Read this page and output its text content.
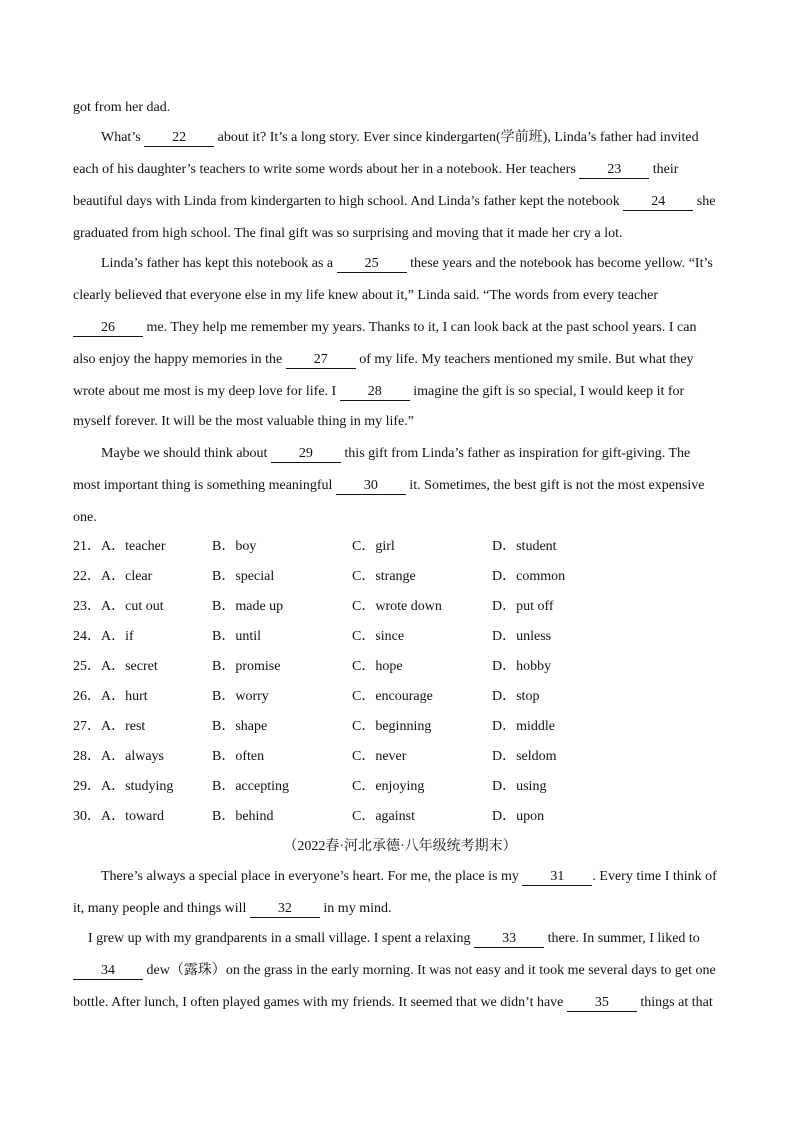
got from her dad.
What’s 22 about it? It’s a long story. Ever since kindergarten(学前班), Linda’s father had invited
each of his daughter’s teachers to write some words about her in a notebook. Her teachers 23 their
beautiful days with Linda from kindergarten to high school. And Linda’s father kept the notebook 24 she
graduated from high school. The final gift was so surprising and moving that it made her cry a lot.
Linda’s father has kept this notebook as a 25 these years and the notebook has become yellow. “It’s
clearly believed that everyone else in my life knew about it,” Linda said. “The words from every teacher
26 me. They help me remember my years. Thanks to it, I can look back at the past school years. I can
also enjoy the happy memories in the 27 of my life. My teachers mentioned my smile. But what they
wrote about me most is my deep love for life. I 28 imagine the gift is so special, I would keep it for
myself forever. It will be the most valuable thing in my life.”
Maybe we should think about 29 this gift from Linda’s father as inspiration for gift-giving. The
most important thing is something meaningful 30 it. Sometimes, the best gift is not the most expensive
one.
21． A．teacher	B．boy	C．girl	D．student
22． A．clear	B．special	C．strange	D．common
23． A．cut out	B．made up	C．wrote down	D．put off
24． A．if	B．until	C．since	D．unless
25． A．secret	B．promise	C．hope	D．hobby
26． A．hurt	B．worry	C．encourage	D．stop
27． A．rest	B．shape	C．beginning	D．middle
28． A．always	B．often	C．never	D．seldom
29． A．studying	B．accepting	C．enjoying	D．using
30． A．toward	B．behind	C．against	D．upon
（2022春·河北承德·八年级统考期末）
There’s always a special place in everyone’s heart. For me, the place is my 31 . Every time I think of
it, many people and things will 32 in my mind.
I grew up with my grandparents in a small village. I spent a relaxing 33 there. In summer, I liked to
34 dew（露珠）on the grass in the early morning. It was not easy and it took me several days to get one
bottle. After lunch, I often played games with my friends. It seemed that we didn’t have 35 things at that
